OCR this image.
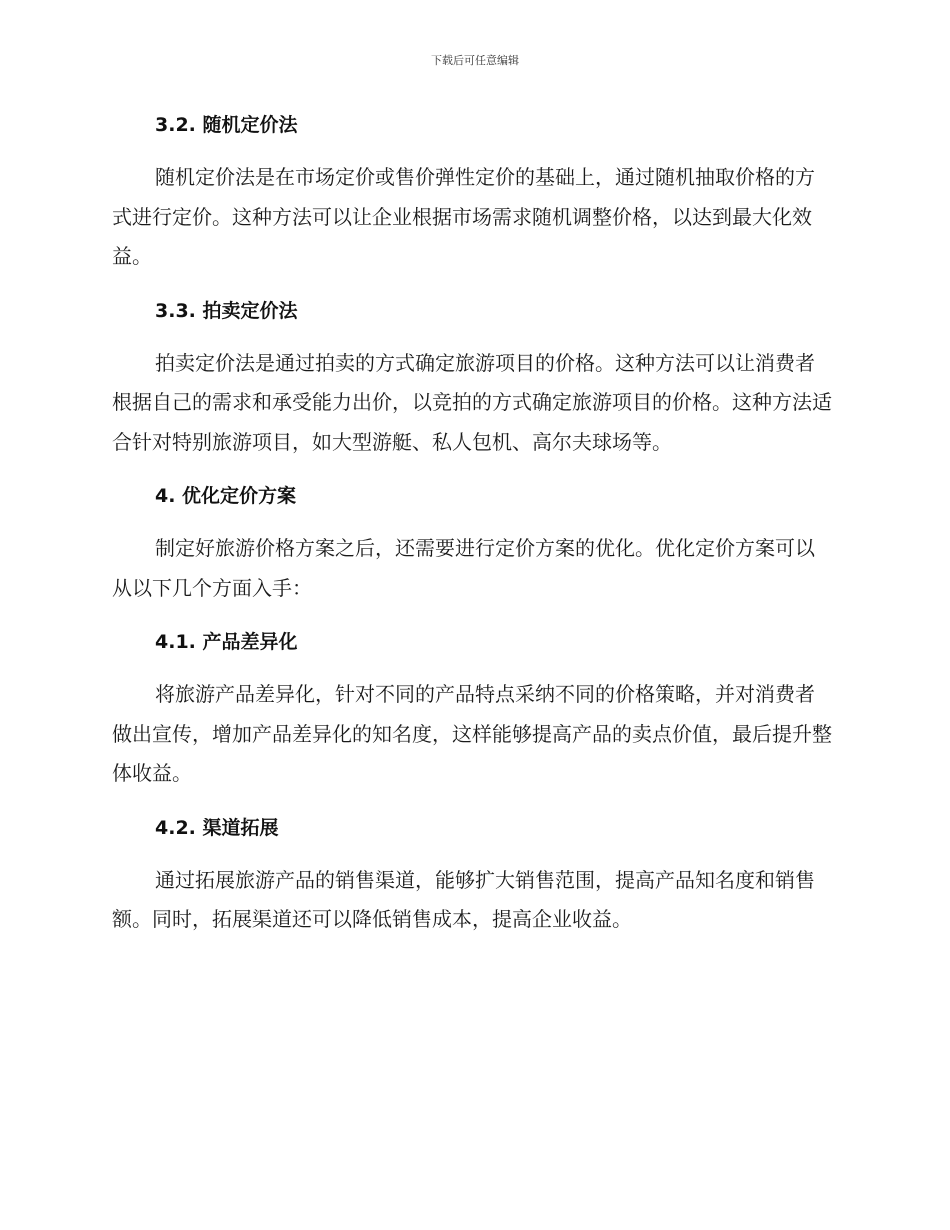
下载后可任意编辑
3.2. 随机定价法

随机定价法是在市场定价或售价弹性定价的基础上，通过随机抽取价格的方式进行定价。这种方法可以让企业根据市场需求随机调整价格，以达到最大化效益。

3.3. 拍卖定价法

拍卖定价法是通过拍卖的方式确定旅游项目的价格。这种方法可以让消费者根据自己的需求和承受能力出价，以竞拍的方式确定旅游项目的价格。这种方法适合针对特别旅游项目，如大型游艇、私人包机、高尔夫球场等。

4. 优化定价方案

制定好旅游价格方案之后，还需要进行定价方案的优化。优化定价方案可以从以下几个方面入手：

4.1. 产品差异化

将旅游产品差异化，针对不同的产品特点采纳不同的价格策略，并对消费者做出宣传，增加产品差异化的知名度，这样能够提高产品的卖点价值，最后提升整体收益。

4.2. 渠道拓展

通过拓展旅游产品的销售渠道，能够扩大销售范围，提高产品知名度和销售额。同时，拓展渠道还可以降低销售成本，提高企业收益。
